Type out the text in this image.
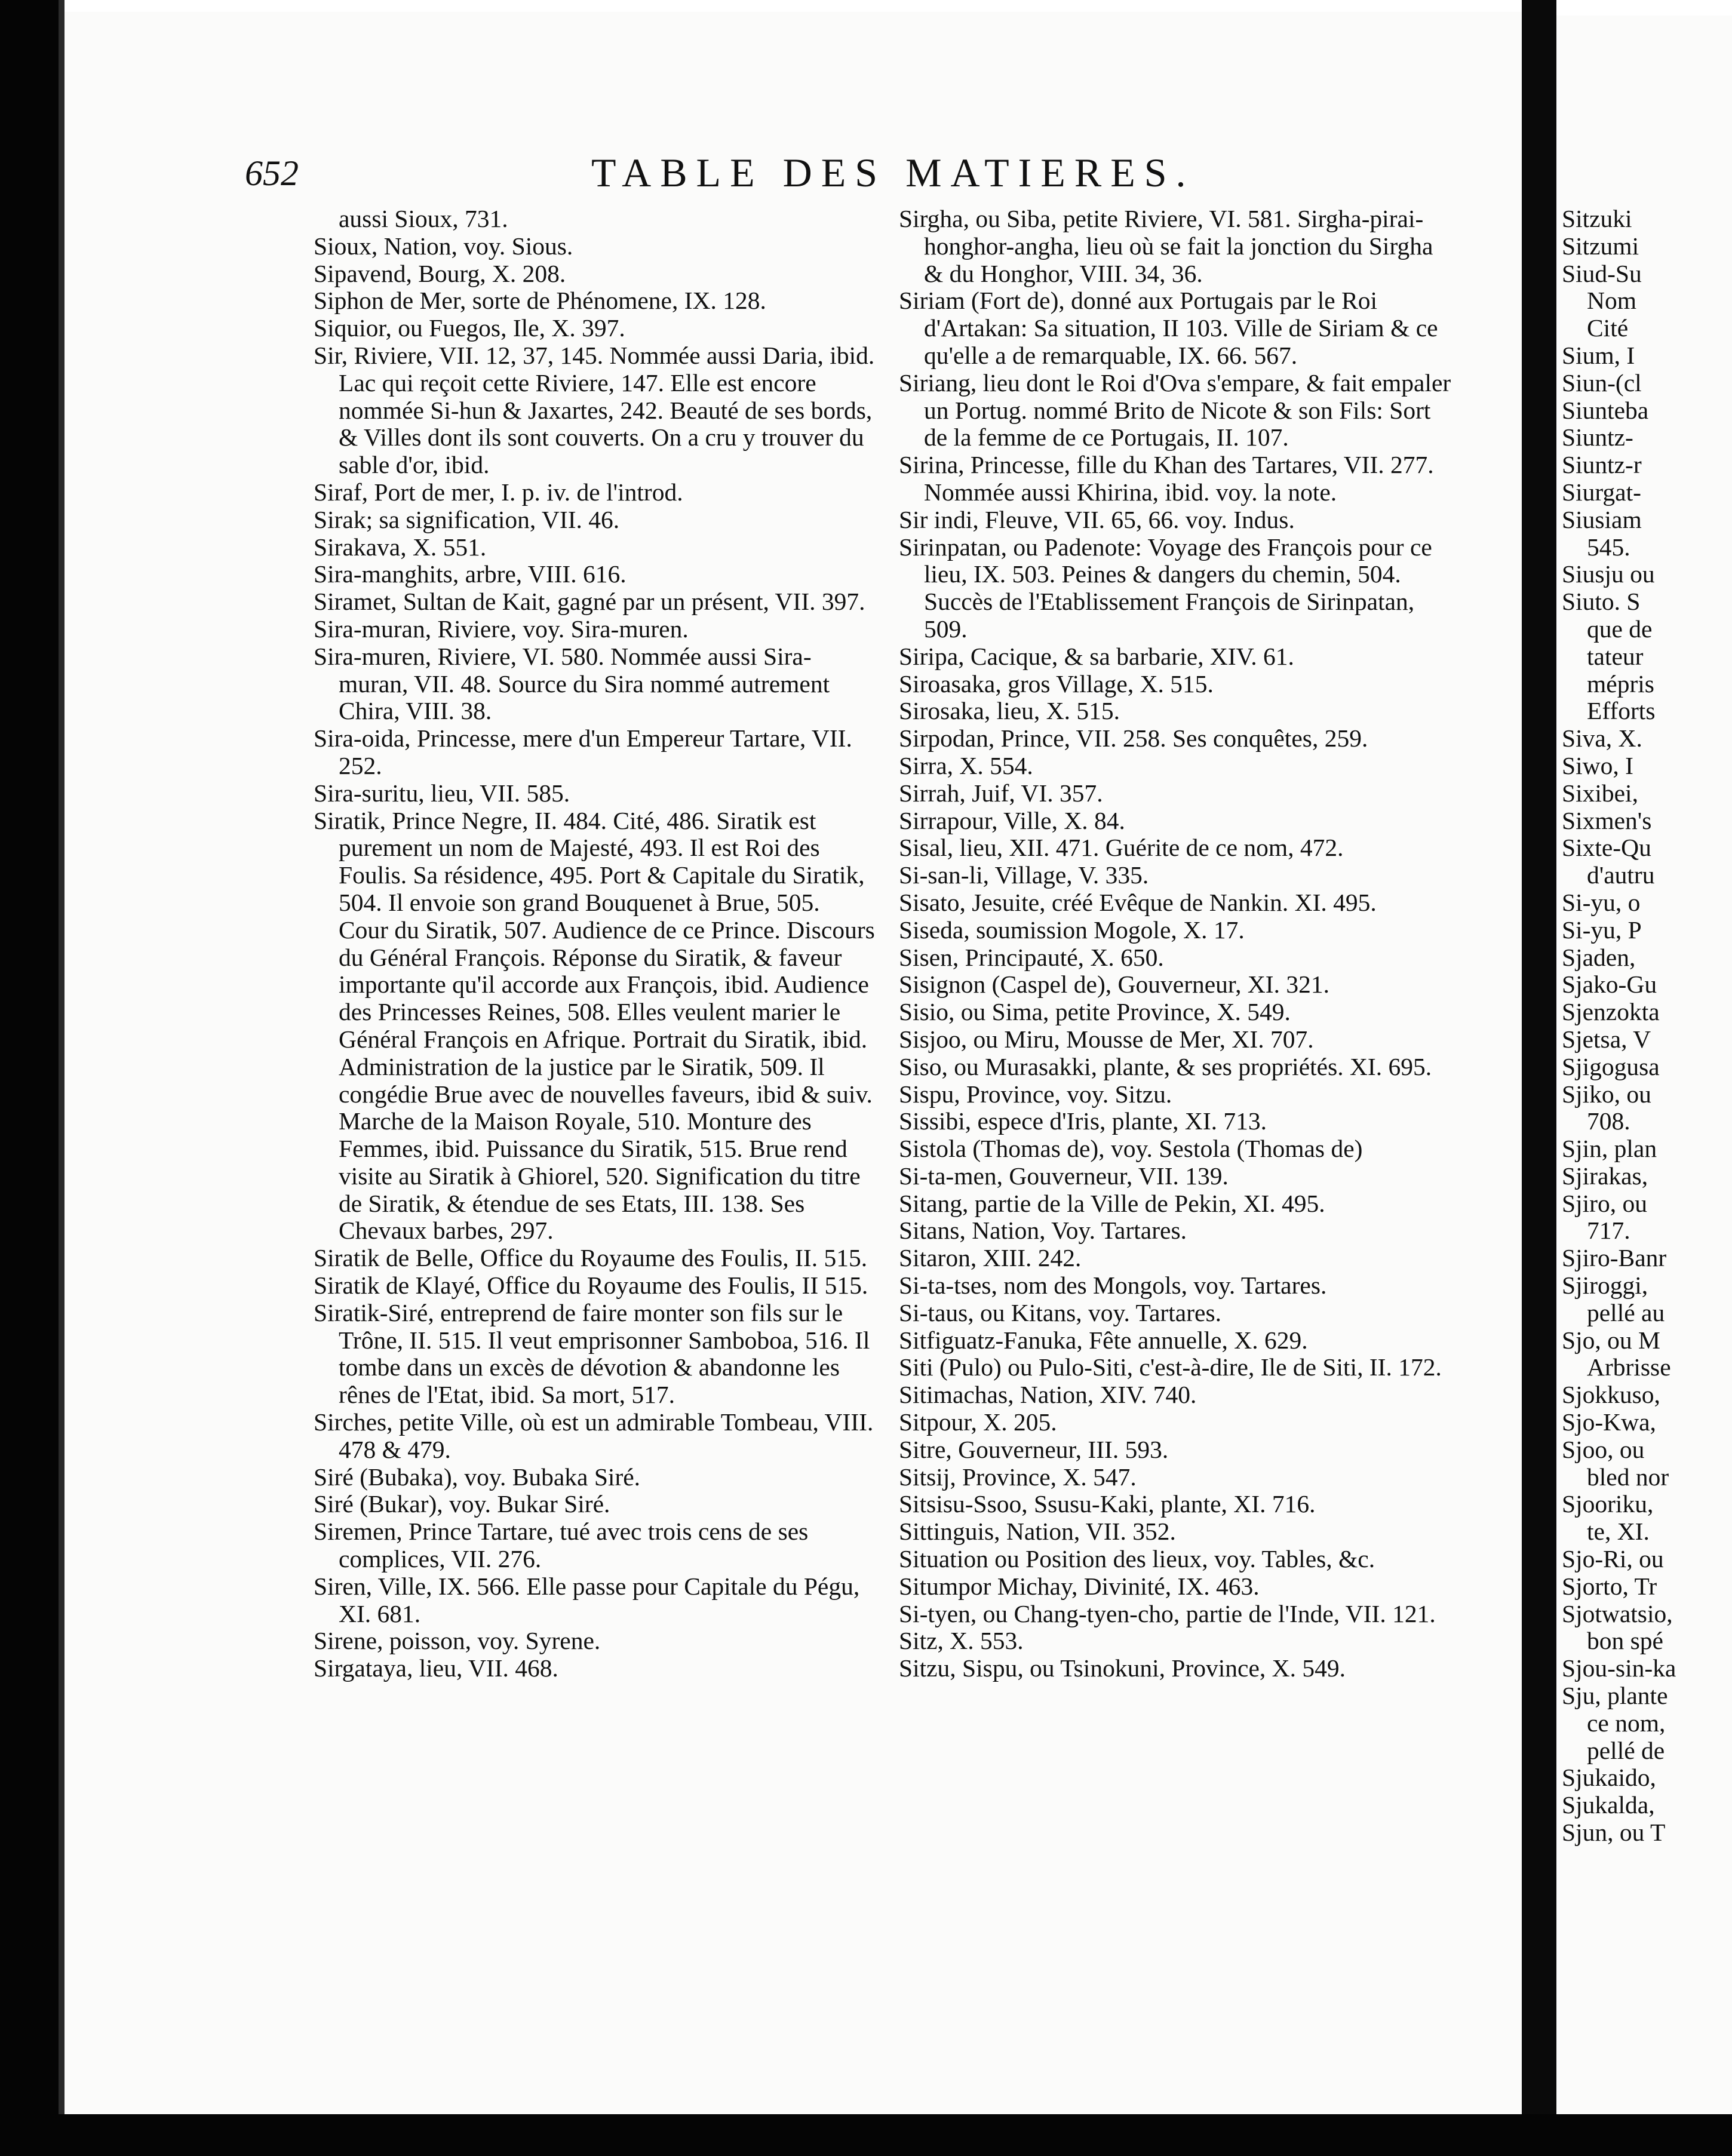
652	TABLE DES MATIERES.
aussi Sioux, 731.
Sioux, Nation, voy. Sious.
Sipavend, Bourg, X. 208.
Siphon de Mer, sorte de Phénomene, IX. 128.
Siquior, ou Fuegos, Ile, X. 397.
Sir, Riviere, VII. 12, 37, 145. Nommée aussi Daria, ibid. Lac qui reçoit cette Riviere, 147. Elle est encore nommée Si-hun & Jaxartes, 242. Beauté de ses bords, & Villes dont ils sont couverts. On a cru y trouver du sable d'or, ibid.
Siraf, Port de mer, I. p. iv. de l'introd.
Sirak; sa signification, VII. 46.
Sirakava, X. 551.
Sira-manghits, arbre, VIII. 616.
Siramet, Sultan de Kait, gagné par un présent, VII. 397.
Sira-muran, Riviere, voy. Sira-muren.
Sira-muren, Riviere, VI. 580. Nommée aussi Sira-muran, VII. 48. Source du Sira nommé autrement Chira, VIII. 38.
Sira-oida, Princesse, mere d'un Empereur Tartare, VII. 252.
Sira-suritu, lieu, VII. 585.
Siratik, Prince Negre, II. 484. Cité, 486. Siratik est purement un nom de Majesté, 493. Il est Roi des Foulis. Sa résidence, 495. Port & Capitale du Siratik, 504. Il envoie son grand Bouquenet à Brue, 505. Cour du Siratik, 507. Audience de ce Prince. Discours du Général François. Réponse du Siratik, & faveur importante qu'il accorde aux François, ibid. Audience des Princesses Reines, 508. Elles veulent marier le Général François en Afrique. Portrait du Siratik, ibid. Administration de la justice par le Siratik, 509. Il congédie Brue avec de nouvelles faveurs, ibid & suiv. Marche de la Maison Royale, 510. Monture des Femmes, ibid. Puissance du Siratik, 515. Brue rend visite au Siratik à Ghiorel, 520. Signification du titre de Siratik, & étendue de ses Etats, III. 138. Ses Chevaux barbes, 297.
Siratik de Belle, Office du Royaume des Foulis, II. 515.
Siratik de Klayé, Office du Royaume des Foulis, II 515.
Siratik-Siré, entreprend de faire monter son fils sur le Trône, II. 515. Il veut emprisonner Samboboa, 516. Il tombe dans un excès de dévotion & abandonne les rênes de l'Etat, ibid. Sa mort, 517.
Sirches, petite Ville, où est un admirable Tombeau, VIII. 478 & 479.
Siré (Bubaka), voy. Bubaka Siré.
Siré (Bukar), voy. Bukar Siré.
Siremen, Prince Tartare, tué avec trois cens de ses complices, VII. 276.
Siren, Ville, IX. 566. Elle passe pour Capitale du Pégu, XI. 681.
Sirene, poisson, voy. Syrene.
Sirgataya, lieu, VII. 468.
Sirgha, ou Siba, petite Riviere, VI. 581. Sirgha-pirai-honghor-angha, lieu où se fait la jonction du Sirgha & du Honghor, VIII. 34, 36.
Siriam (Fort de), donné aux Portugais par le Roi d'Artakan: Sa situation, II 103. Ville de Siriam & ce qu'elle a de remarquable, IX. 66. 567.
Siriang, lieu dont le Roi d'Ova s'empare, & fait empaler un Portug. nommé Brito de Nicote & son Fils: Sort de la femme de ce Portugais, II. 107.
Sirina, Princesse, fille du Khan des Tartares, VII. 277. Nommée aussi Khirina, ibid. voy. la note.
Sir indi, Fleuve, VII. 65, 66. voy. Indus.
Sirinpatan, ou Padenote: Voyage des François pour ce lieu, IX. 503. Peines & dangers du chemin, 504. Succès de l'Etablissement François de Sirinpatan, 509.
Siripa, Cacique, & sa barbarie, XIV. 61.
Siroasaka, gros Village, X. 515.
Sirosaka, lieu, X. 515.
Sirpodan, Prince, VII. 258. Ses conquêtes, 259.
Sirra, X. 554.
Sirrah, Juif, VI. 357.
Sirrapour, Ville, X. 84.
Sisal, lieu, XII. 471. Guérite de ce nom, 472.
Si-san-li, Village, V. 335.
Sisato, Jesuite, créé Evêque de Nankin. XI. 495.
Siseda, soumission Mogole, X. 17.
Sisen, Principauté, X. 650.
Sisignon (Caspel de), Gouverneur, XI. 321.
Sisio, ou Sima, petite Province, X. 549.
Sisjoo, ou Miru, Mousse de Mer, XI. 707.
Siso, ou Murasakki, plante, & ses propriétés. XI. 695.
Sispu, Province, voy. Sitzu.
Sissibi, espece d'Iris, plante, XI. 713.
Sistola (Thomas de), voy. Sestola (Thomas de)
Si-ta-men, Gouverneur, VII. 139.
Sitang, partie de la Ville de Pekin, XI. 495.
Sitans, Nation, Voy. Tartares.
Sitaron, XIII. 242.
Si-ta-tses, nom des Mongols, voy. Tartares.
Si-taus, ou Kitans, voy. Tartares.
Sitfiguatz-Fanuka, Fête annuelle, X. 629.
Siti (Pulo) ou Pulo-Siti, c'est-à-dire, Ile de Siti, II. 172.
Sitimachas, Nation, XIV. 740.
Sitpour, X. 205.
Sitre, Gouverneur, III. 593.
Sitsij, Province, X. 547.
Sitsisu-Ssoo, Ssusu-Kaki, plante, XI. 716.
Sittinguis, Nation, VII. 352.
Situation ou Position des lieux, voy. Tables, &c.
Situmpor Michay, Divinité, IX. 463.
Si-tyen, ou Chang-tyen-cho, partie de l'Inde, VII. 121.
Sitz, X. 553.
Sitzu, Sispu, ou Tsinokuni, Province, X. 549.
Sitzuki
Sitzumi
Siud-Su
Nom
Cité
Sium, I
Siun-(cl
Siunteba
Siuntz-
Siuntz-r
Siurgat-
Siusiam
545.
Siusju ou
Siuto. S
que de
tateur
mépris
Efforts
Siva, X.
Siwo, I
Sixibei,
Sixmen's
Sixte-Qu
d'autru
Si-yu, o
Si-yu, P
Sjaden,
Sjako-Gu
Sjenzokta
Sjetsa, V
Sjigogusa
Sjiko, ou
708.
Sjin, plan
Sjirakas,
Sjiro, ou
717.
Sjiro-Banr
Sjiroggi,
pellé au
Sjo, ou M
Arbrisse
Sjokkuso,
Sjo-Kwa,
Sjoo, ou
bled nor
Sjooriku,
te, XI.
Sjo-Ri, ou
Sjorto, Tr
Sjotwatsio,
bon spé
Sjou-sin-ka
Sju, plante
ce nom,
pellé de
Sjukaido,
Sjukalda,
Sjun, ou T
